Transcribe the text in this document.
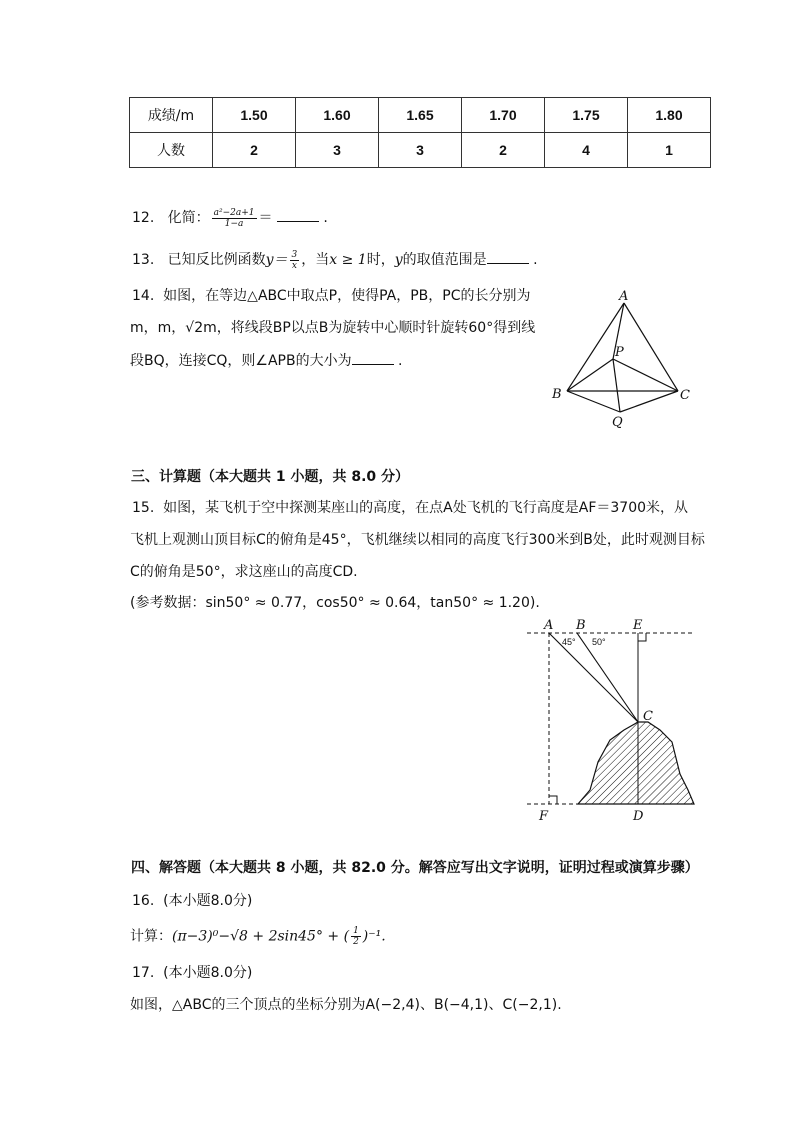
成绩/m	1.50	1.60	1.65	1.70	1.75	1.80
人数	2	3	3	2	4	1
12. 化简： $\frac{\text{a²−2a+1}}{1-a}$ ＝	.
13. 已知反比例函数$y= \frac{3}{x}$ ，当x ≥ 1时，y的取值范围是	.
14. 如图，在等边△ABC中取点P，使得PA，PB，PC的长分别为
m，m，√2m，将线段BP以点B为旋转中心顺时针旋转60°得到线
段BQ，连接CQ，则∠APB的大小为	.
A
P
B	C
Q
三、计算题（本大题共 1 小题，共 8.0 分）
15. 如图，某飞机于空中探测某座山的高度，在点A处飞机的飞行高度是AF＝3700米，从
飞机上观测山顶目标C的俯角是45°，飞机继续以相同的高度飞行300米到B处，此时观测目标
C的俯角是50°，求这座山的高度CD.
(参考数据：sin50° ≈ 0.77，cos50° ≈ 0.64，tan50° ≈ 1.20).
A B	E
C
F	D
45° 50°
四、解答题（本大题共 8 小题，共 82.0 分。解答应写出文字说明，证明过程或演算步骤）
16. (本小题8.0分)
计算：(π−3)⁰−√8 + 2sin45° + ( $\frac{1}{2} )^{-1}$.
17. (本小题8.0分)
如图，△ABC的三个顶点的坐标分别为A(−2,4)、B(−4,1)、C(−2,1).
